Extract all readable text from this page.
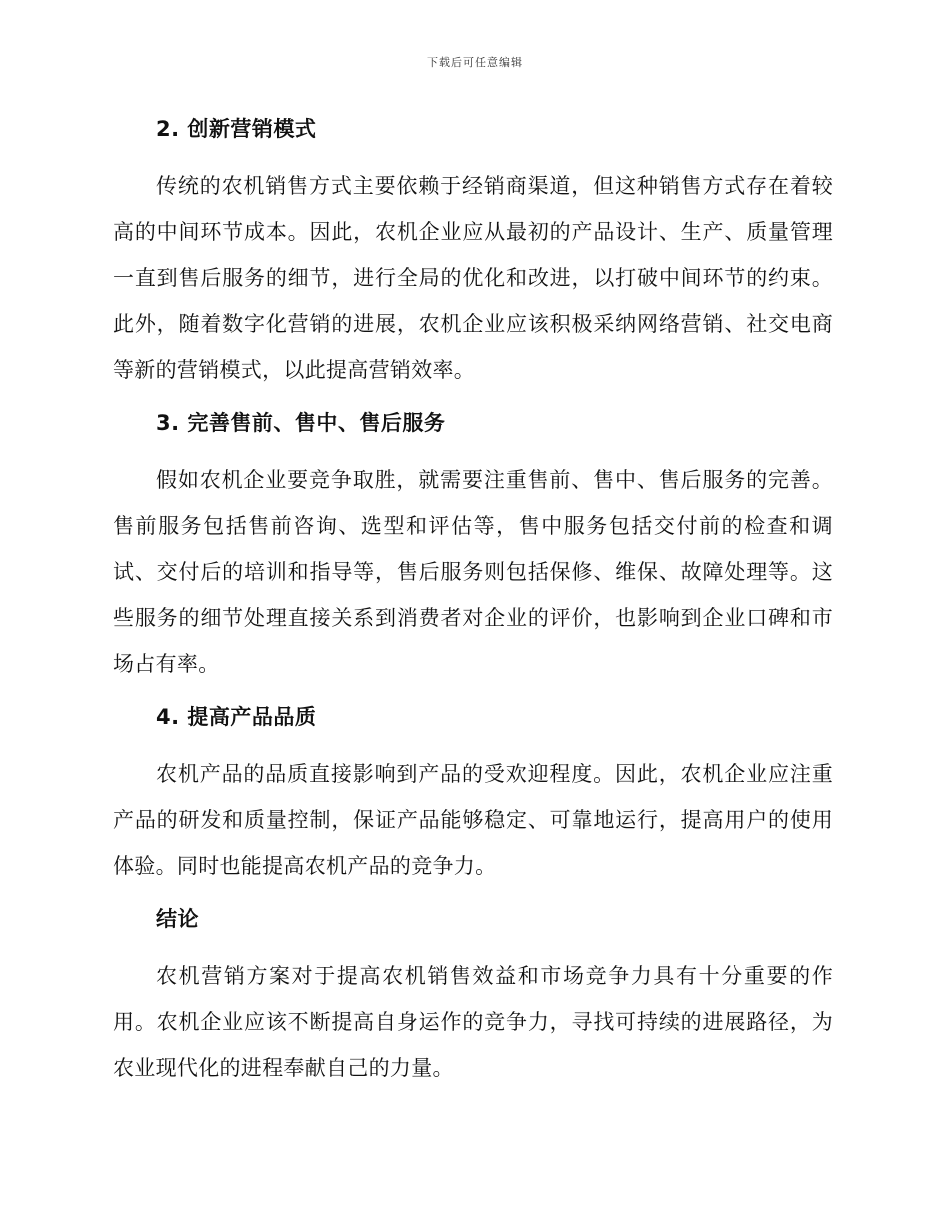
下载后可任意编辑
2. 创新营销模式

传统的农机销售方式主要依赖于经销商渠道，但这种销售方式存在着较高的中间环节成本。因此，农机企业应从最初的产品设计、生产、质量管理一直到售后服务的细节，进行全局的优化和改进，以打破中间环节的约束。此外，随着数字化营销的进展，农机企业应该积极采纳网络营销、社交电商等新的营销模式，以此提高营销效率。

3. 完善售前、售中、售后服务

假如农机企业要竞争取胜，就需要注重售前、售中、售后服务的完善。售前服务包括售前咨询、选型和评估等，售中服务包括交付前的检查和调试、交付后的培训和指导等，售后服务则包括保修、维保、故障处理等。这些服务的细节处理直接关系到消费者对企业的评价，也影响到企业口碑和市场占有率。

4. 提高产品品质

农机产品的品质直接影响到产品的受欢迎程度。因此，农机企业应注重产品的研发和质量控制，保证产品能够稳定、可靠地运行，提高用户的使用体验。同时也能提高农机产品的竞争力。

结论

农机营销方案对于提高农机销售效益和市场竞争力具有十分重要的作用。农机企业应该不断提高自身运作的竞争力，寻找可持续的进展路径，为农业现代化的进程奉献自己的力量。
